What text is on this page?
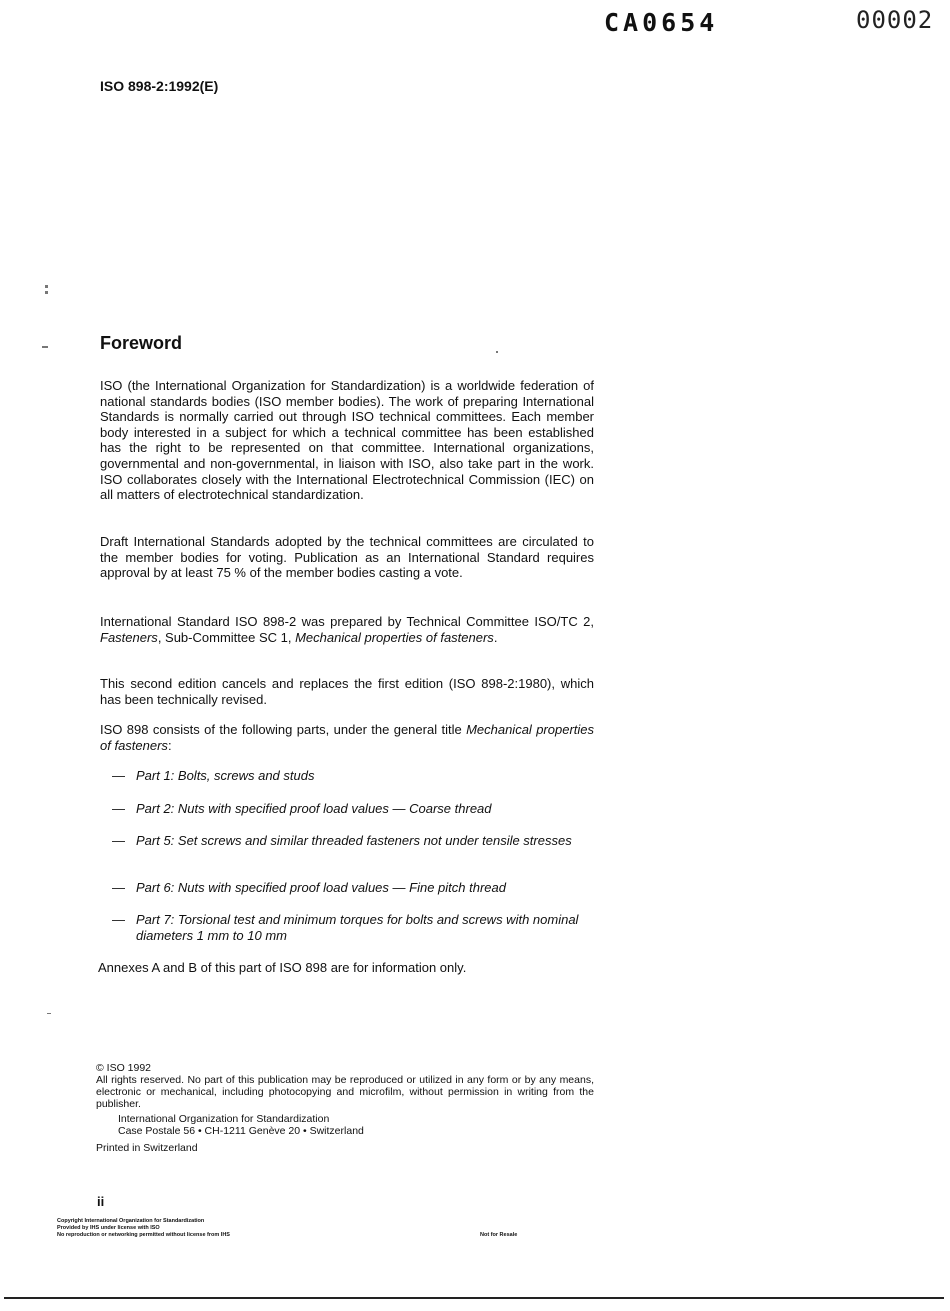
CA0654	00002
ISO 898-2:1992(E)
Foreword

ISO (the International Organization for Standardization) is a worldwide federation of national standards bodies (ISO member bodies). The work of preparing International Standards is normally carried out through ISO technical committees. Each member body interested in a subject for which a technical committee has been established has the right to be represented on that committee. International organizations, governmental and non-governmental, in liaison with ISO, also take part in the work. ISO collaborates closely with the International Electrotechnical Commission (IEC) on all matters of electrotechnical standardization.

Draft International Standards adopted by the technical committees are circulated to the member bodies for voting. Publication as an International Standard requires approval by at least 75 % of the member bodies casting a vote.

International Standard ISO 898-2 was prepared by Technical Committee ISO/TC 2, Fasteners, Sub-Committee SC 1, Mechanical properties of fasteners.

This second edition cancels and replaces the first edition (ISO 898-2:1980), which has been technically revised.

ISO 898 consists of the following parts, under the general title Mechanical properties of fasteners:

— Part 1: Bolts, screws and studs
— Part 2: Nuts with specified proof load values — Coarse thread
— Part 5: Set screws and similar threaded fasteners not under tensile stresses
— Part 6: Nuts with specified proof load values — Fine pitch thread
— Part 7: Torsional test and minimum torques for bolts and screws with nominal diameters 1 mm to 10 mm
Annexes A and B of this part of ISO 898 are for information only.
© ISO 1992
All rights reserved. No part of this publication may be reproduced or utilized in any form or by any means, electronic or mechanical, including photocopying and microfilm, without permission in writing from the publisher.
International Organization for Standardization
Case Postale 56 • CH-1211 Genève 20 • Switzerland
Printed in Switzerland
ii
Copyright International Organization for Standardization
Provided by IHS under license with ISO
No reproduction or networking permitted without license from IHS	Not for Resale
